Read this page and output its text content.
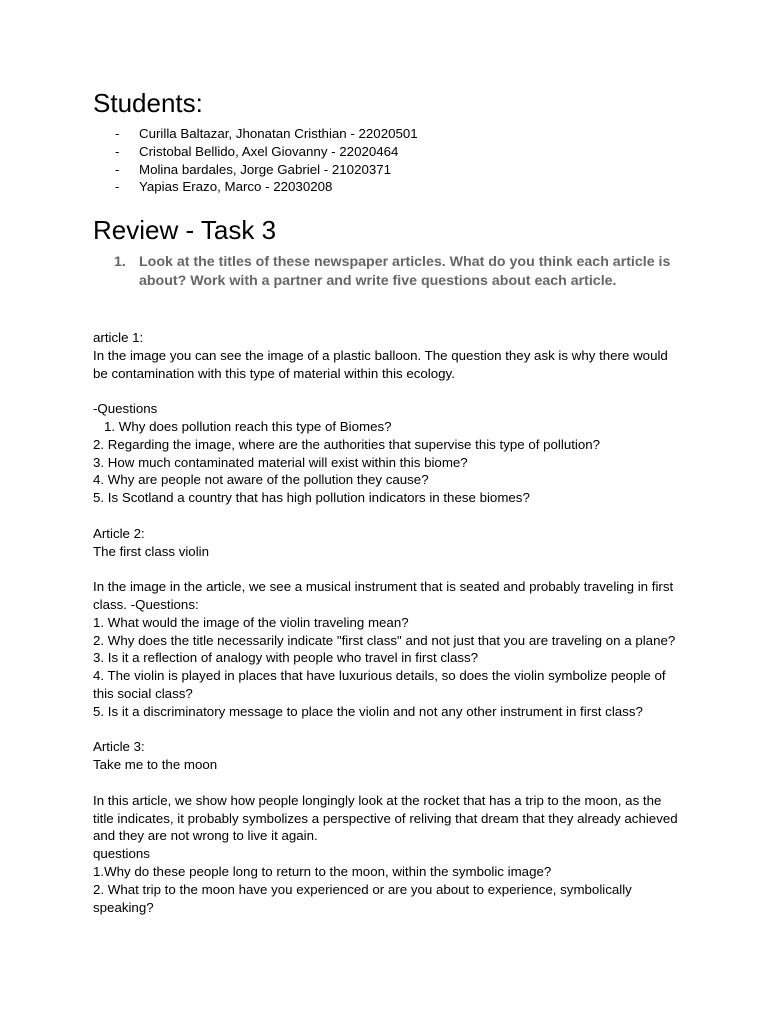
Students:
- Curilla Baltazar, Jhonatan Cristhian - 22020501
- Cristobal Bellido, Axel Giovanny - 22020464
- Molina bardales, Jorge Gabriel - 21020371
- Yapias Erazo, Marco - 22030208
Review - Task 3
1. Look at the titles of these newspaper articles. What do you think each article is about? Work with a partner and write five questions about each article.

article 1:

In the image you can see the image of a plastic balloon. The question they ask is why there would be contamination with this type of material within this ecology.

-Questions

1. Why does pollution reach this type of Biomes?

2. Regarding the image, where are the authorities that supervise this type of pollution?

3. How much contaminated material will exist within this biome?

4. Why are people not aware of the pollution they cause?

5. Is Scotland a country that has high pollution indicators in these biomes?

Article 2:

The first class violin

In the image in the article, we see a musical instrument that is seated and probably traveling in first class. -Questions:

1. What would the image of the violin traveling mean?

2. Why does the title necessarily indicate "first class" and not just that you are traveling on a plane? 3. Is it a reflection of analogy with people who travel in first class?

4. The violin is played in places that have luxurious details, so does the violin symbolize people of this social class?

5. Is it a discriminatory message to place the violin and not any other instrument in first class?

Article 3:

Take me to the moon

In this article, we show how people longingly look at the rocket that has a trip to the moon, as the title indicates, it probably symbolizes a perspective of reliving that dream that they already achieved and they are not wrong to live it again.

questions

1.Why do these people long to return to the moon, within the symbolic image?

2. What trip to the moon have you experienced or are you about to experience, symbolically speaking?
